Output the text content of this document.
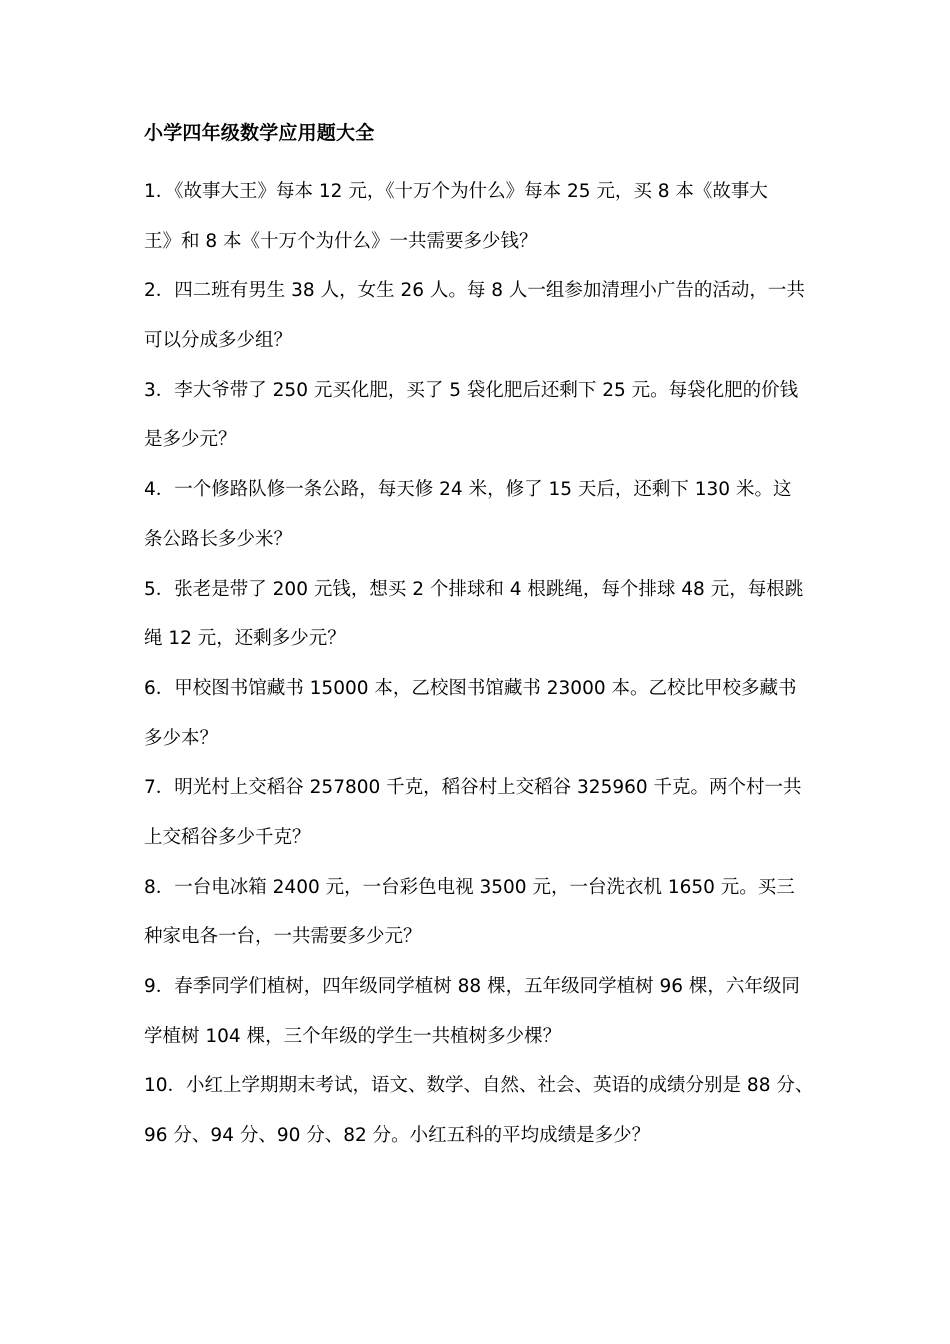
小学四年级数学应用题大全
1．《故事大王》每本 12 元，《十万个为什么》每本 25 元，买 8 本《故事大
王》和 8 本《十万个为什么》一共需要多少钱？
2．四二班有男生 38 人，女生 26 人。每 8 人一组参加清理小广告的活动，一共
可以分成多少组？
3．李大爷带了 250 元买化肥，买了 5 袋化肥后还剩下 25 元。每袋化肥的价钱
是多少元？
4．一个修路队修一条公路，每天修 24 米，修了 15 天后，还剩下 130 米。这
条公路长多少米？
5．张老是带了 200 元钱，想买 2 个排球和 4 根跳绳，每个排球 48 元，每根跳
绳 12 元，还剩多少元？
6．甲校图书馆藏书 15000 本，乙校图书馆藏书 23000 本。乙校比甲校多藏书
多少本？
7．明光村上交稻谷 257800 千克，稻谷村上交稻谷 325960 千克。两个村一共
上交稻谷多少千克？
8．一台电冰箱 2400 元，一台彩色电视 3500 元，一台洗衣机 1650 元。买三
种家电各一台，一共需要多少元？
9．春季同学们植树，四年级同学植树 88 棵，五年级同学植树 96 棵，六年级同
学植树 104 棵，三个年级的学生一共植树多少棵？
10．小红上学期期末考试，语文、数学、自然、社会、英语的成绩分别是 88 分、
96 分、94 分、90 分、82 分。小红五科的平均成绩是多少？
